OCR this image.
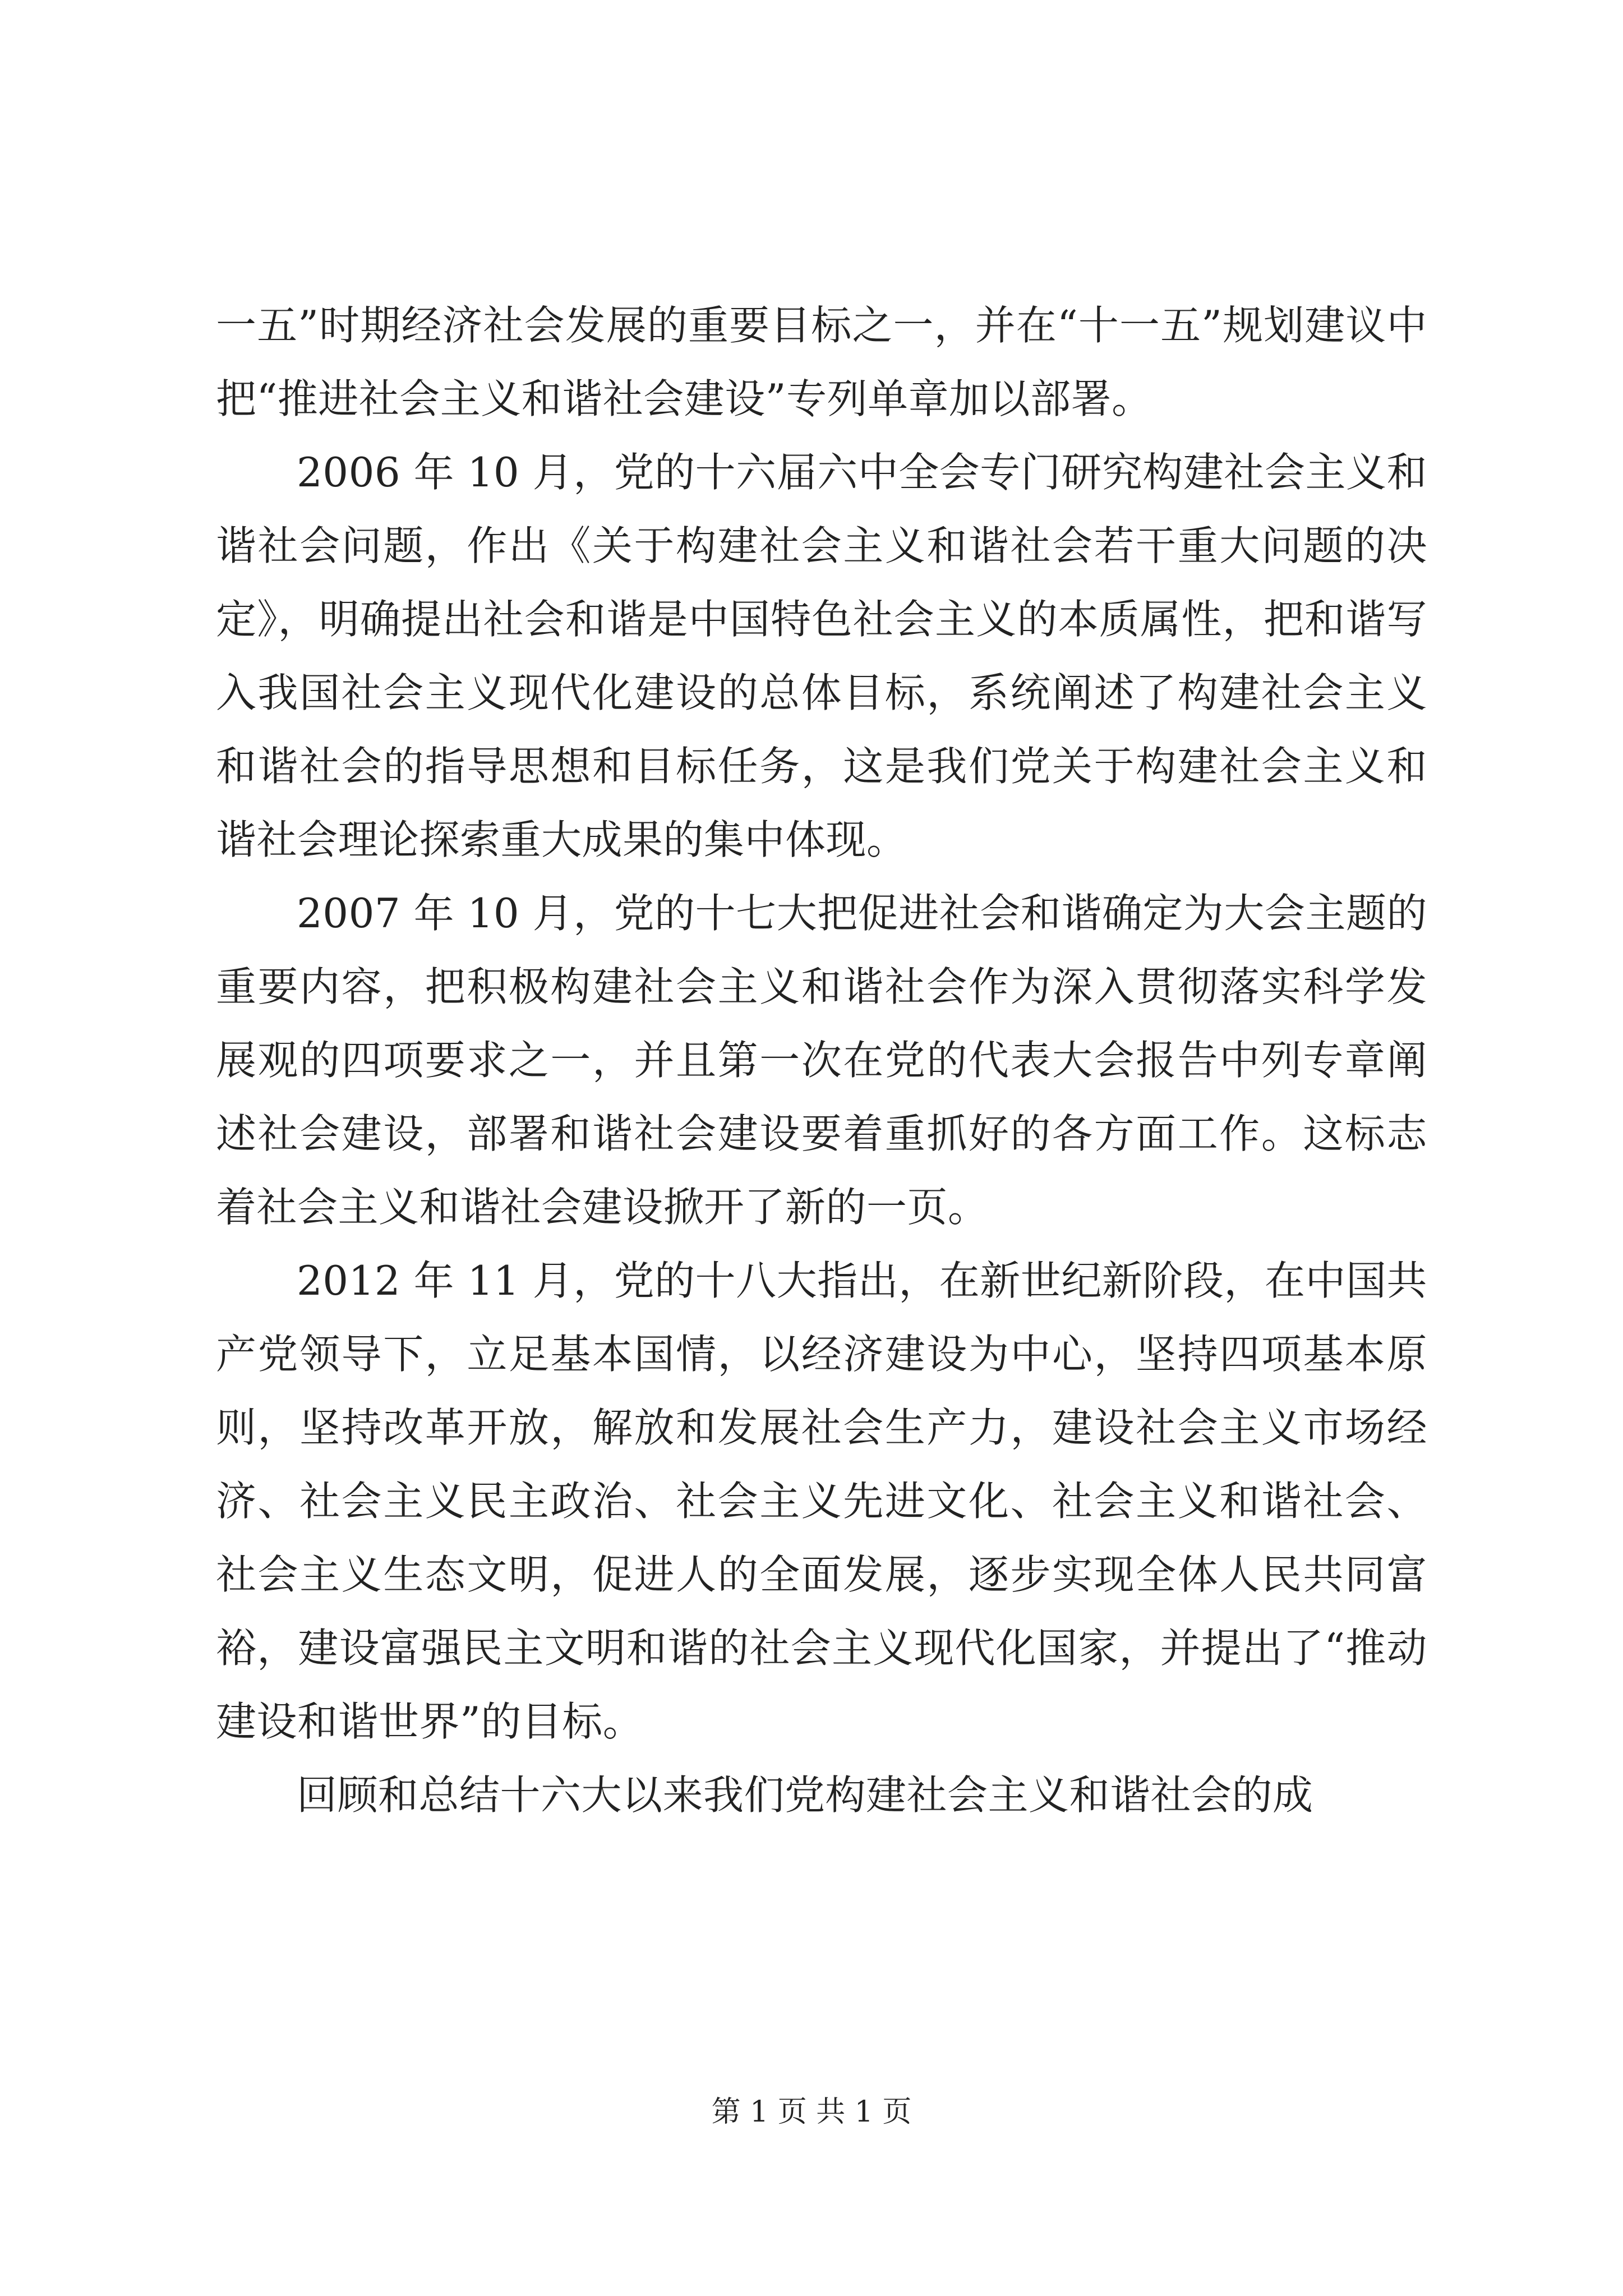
一五”时期经济社会发展的重要目标之一，并在“十一五”规划建议中把“推进社会主义和谐社会建设”专列单章加以部署。

2006 年 10 月，党的十六届六中全会专门研究构建社会主义和谐社会问题，作出《关于构建社会主义和谐社会若干重大问题的决定》，明确提出社会和谐是中国特色社会主义的本质属性，把和谐写入我国社会主义现代化建设的总体目标，系统阐述了构建社会主义和谐社会的指导思想和目标任务，这是我们党关于构建社会主义和谐社会理论探索重大成果的集中体现。

2007 年 10 月，党的十七大把促进社会和谐确定为大会主题的重要内容，把积极构建社会主义和谐社会作为深入贯彻落实科学发展观的四项要求之一，并且第一次在党的代表大会报告中列专章阐述社会建设，部署和谐社会建设要着重抓好的各方面工作。这标志着社会主义和谐社会建设掀开了新的一页。

2012 年 11 月，党的十八大指出，在新世纪新阶段，在中国共产党领导下，立足基本国情，以经济建设为中心，坚持四项基本原则，坚持改革开放，解放和发展社会生产力，建设社会主义市场经济、社会主义民主政治、社会主义先进文化、社会主义和谐社会、社会主义生态文明，促进人的全面发展，逐步实现全体人民共同富裕，建设富强民主文明和谐的社会主义现代化国家，并提出了“推动建设和谐世界”的目标。

回顾和总结十六大以来我们党构建社会主义和谐社会的成

第 1 页 共 1 页
